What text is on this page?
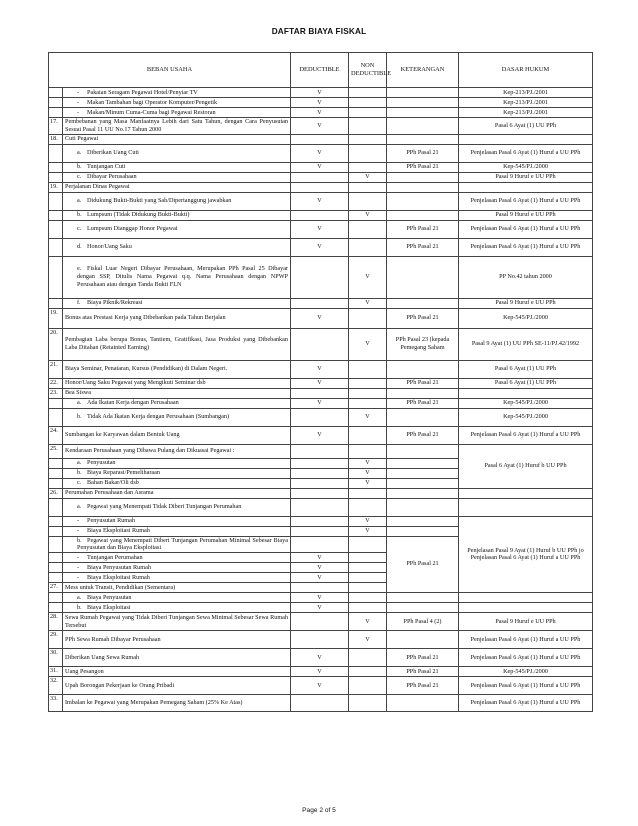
DAFTAR BIAYA FISKAL
BEBAN USAHA		DEDUCTIBLE	NON DEDUCTIBLE	KETERANGAN	DASAR HUKUM
	- Pakaian Seragam Pegawai Hotel/Penyiar TV	V			Kep-213/PJ./2001
	- Makan Tambahan bagi Operator Komputer/Pengetik	V			Kep-213/PJ./2001
	- Makan/Minum Cuma-Cuma bagi Pegawai Restoran	V			Kep-213/PJ./2001
17.	Pembebanan yang Masa Manfaatnya Lebih dari Satu Tahun, dengan Cara Penyusutan Sesuai Pasal 11 UU No.17 Tahun 2000	V			Pasal 6 Ayat (1) UU PPh
18.	Cuti Pegawai				
	a. Diberikan Uang Cuti	V		PPh Pasal 21	Penjelasan Pasal 6 Ayat (1) Huruf a UU PPh
	b. Tunjangan Cuti	V		PPh Pasal 21	Kep-545/PJ./2000
	c. Dibayar Perusahaan		V		Pasal 9 Huruf e UU PPh
19.	Perjalanan Dinas Pegawai				
	a. Didukung Bukti-Bukti yang Sah/Dipertanggung jawabkan	V			Penjelasan Pasal 6 Ayat (1) Huruf a UU PPh
	b. Lumpsum (Tidak Didukung Bukti-Bukti)		V		Pasal 9 Huruf e UU PPh
	c. Lumpsum Dianggap Honor Pegawai	V		PPh Pasal 21	Penjelasan Pasal 6 Ayat (1) Huruf a UU PPh
	d. Honor/Uang Saku	V		PPh Pasal 21	Penjelasan Pasal 6 Ayat (1) Huruf a UU PPh
	e. Fiskal Luar Negeri Dibayar Perusahaan, Merupakan PPh Pasal 25 Dibayar dengan SSP, Ditulis Nama Pegawai q.q. Nama Perusahaan dengan NPWP Perusahaan atau dengan Tanda Bukti FLN		V		PP No.42 tahun 2000
	f. Biaya Piknik/Rekreasi		V		Pasal 9 Huruf e UU PPh
19.	Bonus atas Prestasi Kerja yang Dibebankan pada Tahun Berjalan	V		PPh Pasal 21	Kep-545/PJ./2000
20.	Pembagian Laba berupa Bonus, Tantiem, Gratifikasi, Jasa Produksi yang Dibebankan Laba Ditahan (Retainted Earning)		V	PPh Pasal 23 (kepada Pemegang Saham	Pasal 9 Ayat (1) UU PPh SE-11/PJ.42/1992
21.	Biaya Seminar, Penataran, Kursus (Pendidikan) di Dalam Negeri.	V			Pasal 6 Ayat (1) UU PPh
22.	Honor/Uang Saku Pegawai yang Mengikuti Seminar dsb	V		PPh Pasal 21	Pasal 6 Ayat (1) UU PPh
23.	Bea Siswa				
	a. Ada Ikatan Kerja dengan Perusahaan	V		PPh Pasal 21	Kep-545/PJ./2000
	b. Tidak Ada Ikatan Kerja dengan Perusahaan (Sumbangan)		V		Kep-545/PJ./2000
24.	Sumbangan ke Karyawan dalam Bentuk Uang	V		PPh Pasal 21	Penjelasan Pasal 6 Ayat (1) Huruf a UU PPh
25.	Kendaraan Perusahaan yang Dibawa Pulang dan Dikuasai Pegawai :				Pasal 6 Ayat (1) Huruf b UU PPh
	a. Penyusutan		V		
	b. Biaya Reparasi/Pemeliharaan		V		
	c. Bahan Bakar/Oli dsb		V		
26.	Perumahan Perusahaan dan Asrama				
	a. Pegawai yang Menempati Tidak Diberi Tunjangan Perumahan				
	- Penyusutan Rumah		V		Penjelasan Pasal 9 Ayat (1) Huruf b UU PPh jo Penjelasan Pasal 6 Ayat (1) Huruf a UU PPh
	- Biaya Eksploitasi Rumah		V		
	b. Pegawai yang Menempati Diberi Tunjangan Perumahan Minimal Sebesar Biaya Penyusutan dan Biaya Eksploitasi			PPh Pasal 21	
	- Tunjangan Perumahan	V			
	- Biaya Penyusutan Rumah	V			
	- Biaya Eksploitasi Rumah	V			
27.	Mess untuk Transit, Pendidikan (Sementara)				
	a. Biaya Penyusutan	V			
	b. Biaya Eksploitasi	V			
28.	Sewa Rumah Pegawai yang Tidak Diberi Tunjangan Sewa Minimal Sebesar Sewa Rumah Tersebut		V	PPh Pasal 4 (2)	Pasal 9 Huruf e UU PPh
29.	PPh Sewa Rumah Dibayar Perusahaan		V		Penjelasan Pasal 6 Ayat (1) Huruf a UU PPh
30.	Diberikan Uang Sewa Rumah	V		PPh Pasal 21	Penjelasan Pasal 6 Ayat (1) Huruf a UU PPh
31.	Uang Pesangon	V		PPh Pasal 21	Kep-545/PJ./2000
32.	Upah Borongan Pekerjaan ke Orang Pribadi	V		PPh Pasal 21	Penjelasan Pasal 6 Ayat (1) Huruf a UU PPh
33.	Imbalan ke Pegawai yang Merupakan Pemegang Saham (25% Ke Atas)				Penjelasan Pasal 6 Ayat (1) Huruf a UU PPh
Page 2 of 5
